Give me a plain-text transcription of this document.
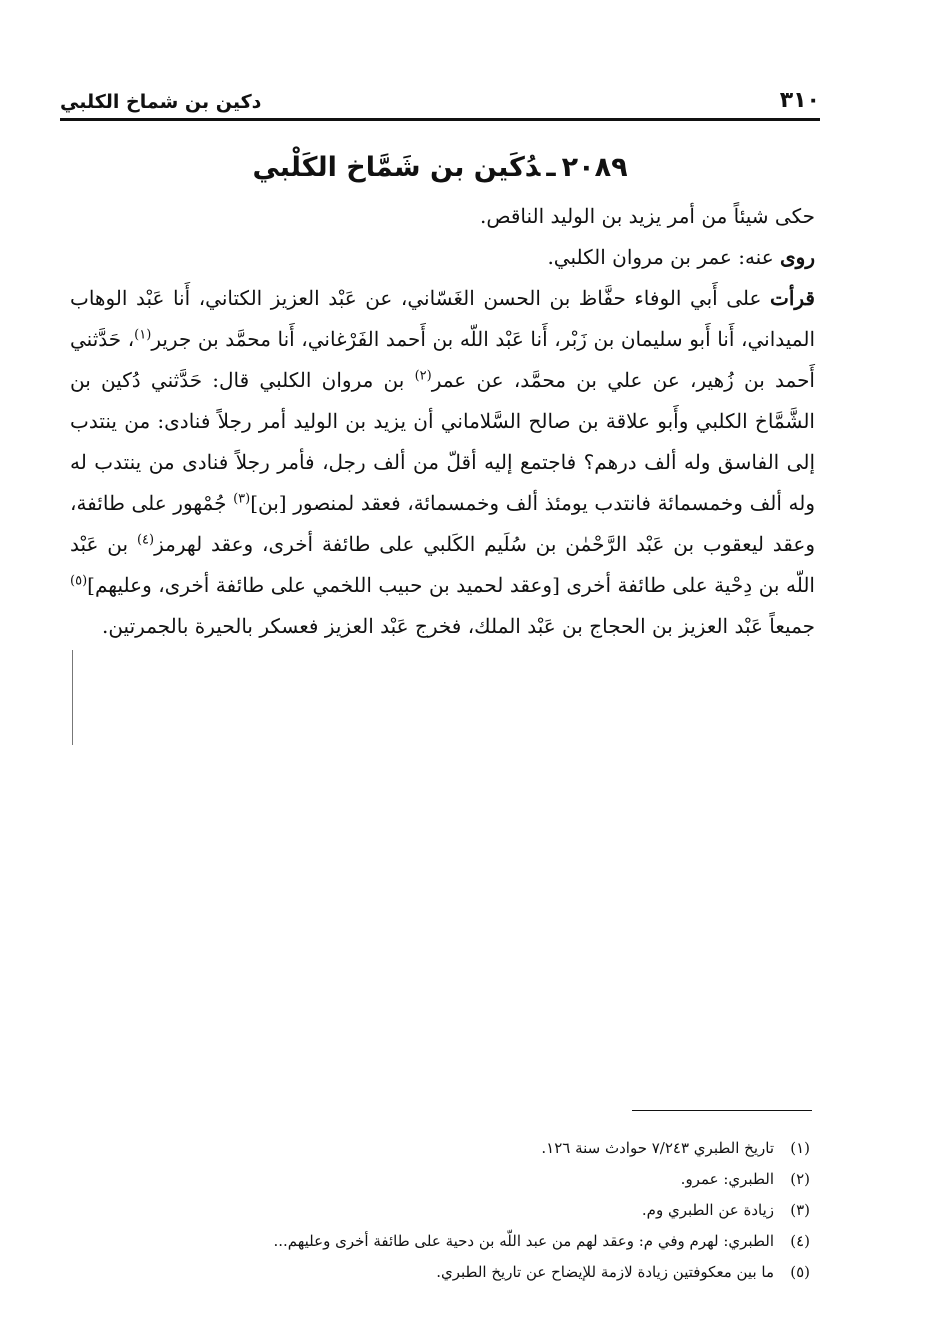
٣١٠
دكين بن شماخ الكلبي
٢٠٨٩ـدُكَين بن شَمَّاخ الكَلْبي

حكى شيئاً من أمر يزيد بن الوليد الناقص.

روى عنه: عمر بن مروان الكلبي.

قرأت على أَبي الوفاء حفَّاظ بن الحسن الغَسّاني، عن عَبْد العزيز الكتاني، أَنا عَبْد الوهاب الميداني، أَنا أَبو سليمان بن زَبْر، أَنا عَبْد اللّه بن أَحمد الفَرْغاني، أَنا محمَّد بن جرير$^{(١)}$، حَدَّثني أَحمد بن زُهير، عن علي بن محمَّد، عن عمر$^{(٢)}$ بن مروان الكلبي قال: حَدَّثني دُكين بن الشَّمَّاخ الكلبي وأَبو علاقة بن صالح السَّلاماني أن يزيد بن الوليد أمر رجلاً فنادى: من ينتدب إلى الفاسق وله ألف درهم؟ فاجتمع إليه أقلّ من ألف رجل، فأمر رجلاً فنادى من ينتدب له وله ألف وخمسمائة فانتدب يومئذ ألف وخمسمائة، فعقد لمنصور [بن]$^{(٣)}$ جُمْهور على طائفة، وعقد ليعقوب بن عَبْد الرَّحْمٰن بن سُلَيم الكَلبي على طائفة أخرى، وعقد لهرمز$^{(٤)}$ بن عَبْد اللّه بن دِحْية على طائفة أخرى [وعقد لحميد بن حبيب اللخمي على طائفة أخرى، وعليهم]$^{(٥)}$ جميعاً عَبْد العزيز بن الحجاج بن عَبْد الملك، فخرج عَبْد العزيز فعسكر بالحيرة بالجمرتين.

(١)
تاريخ الطبري ٧/٢٤٣ حوادث سنة ١٢٦.
(٢)
الطبري: عمرو.
(٣)
زيادة عن الطبري وم.
(٤)
الطبري: لهرم وفي م: وعقد لهم من عبد اللّه بن دحية على طائفة أخرى وعليهم...
(٥)
ما بين معكوفتين زيادة لازمة للإيضاح عن تاريخ الطبري.
